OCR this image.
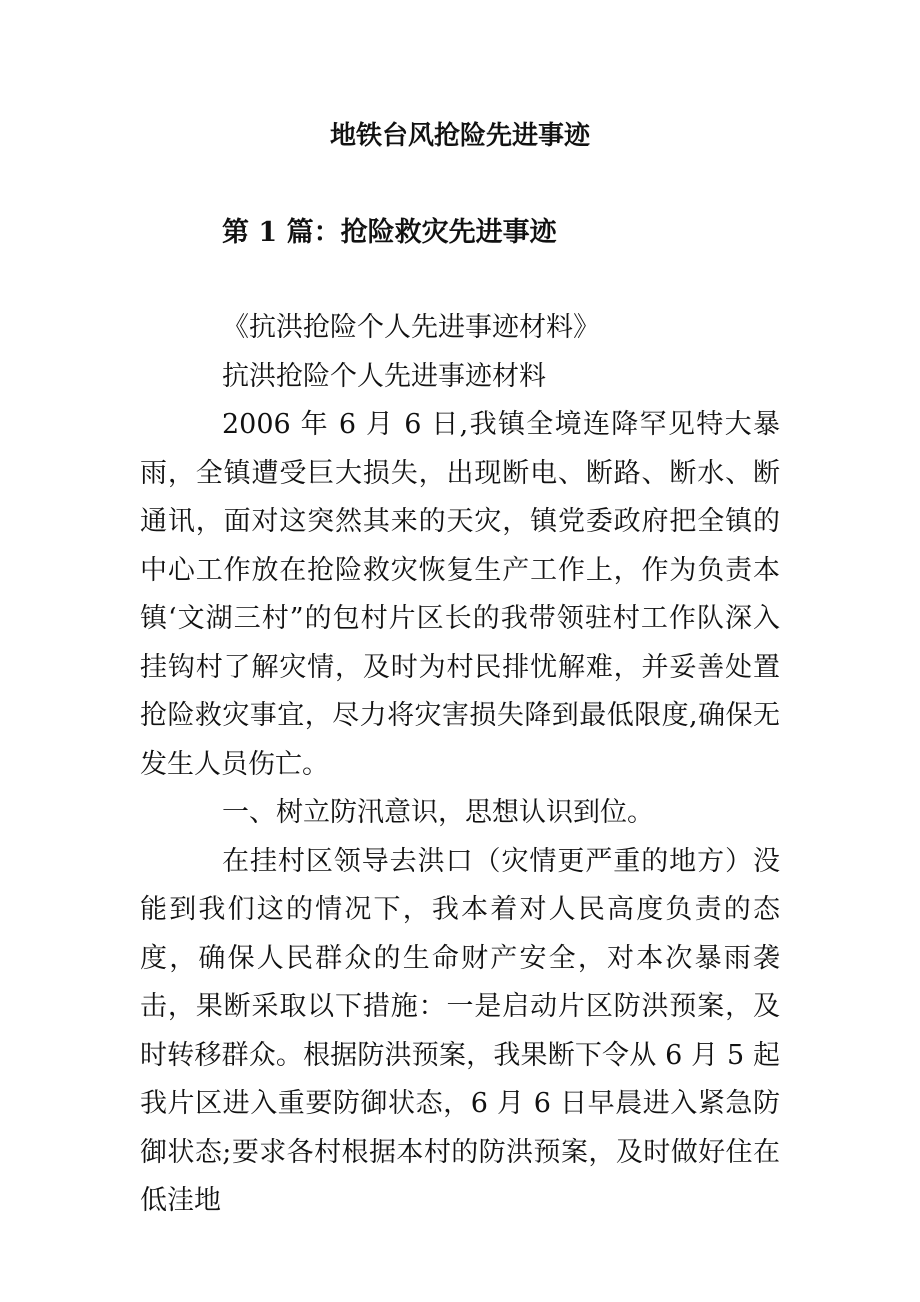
地铁台风抢险先进事迹
第 1 篇：抢险救灾先进事迹

《抗洪抢险个人先进事迹材料》

抗洪抢险个人先进事迹材料

2006 年 6 月 6 日,我镇全境连降罕见特大暴雨，全镇遭受巨大损失，出现断电、断路、断水、断通讯，面对这突然其来的天灾，镇党委政府把全镇的中心工作放在抢险救灾恢复生产工作上，作为负责本镇‘文湖三村”的包村片区长的我带领驻村工作队深入挂钩村了解灾情，及时为村民排忧解难，并妥善处置抢险救灾事宜，尽力将灾害损失降到最低限度,确保无发生人员伤亡。

一、树立防汛意识，思想认识到位。

在挂村区领导去洪口（灾情更严重的地方）没能到我们这的情况下，我本着对人民高度负责的态度，确保人民群众的生命财产安全，对本次暴雨袭击，果断采取以下措施：一是启动片区防洪预案，及时转移群众。根据防洪预案，我果断下令从 6 月 5 起我片区进入重要防御状态，6 月 6 日早晨进入紧急防御状态;要求各村根据本村的防洪预案，及时做好住在低洼地
